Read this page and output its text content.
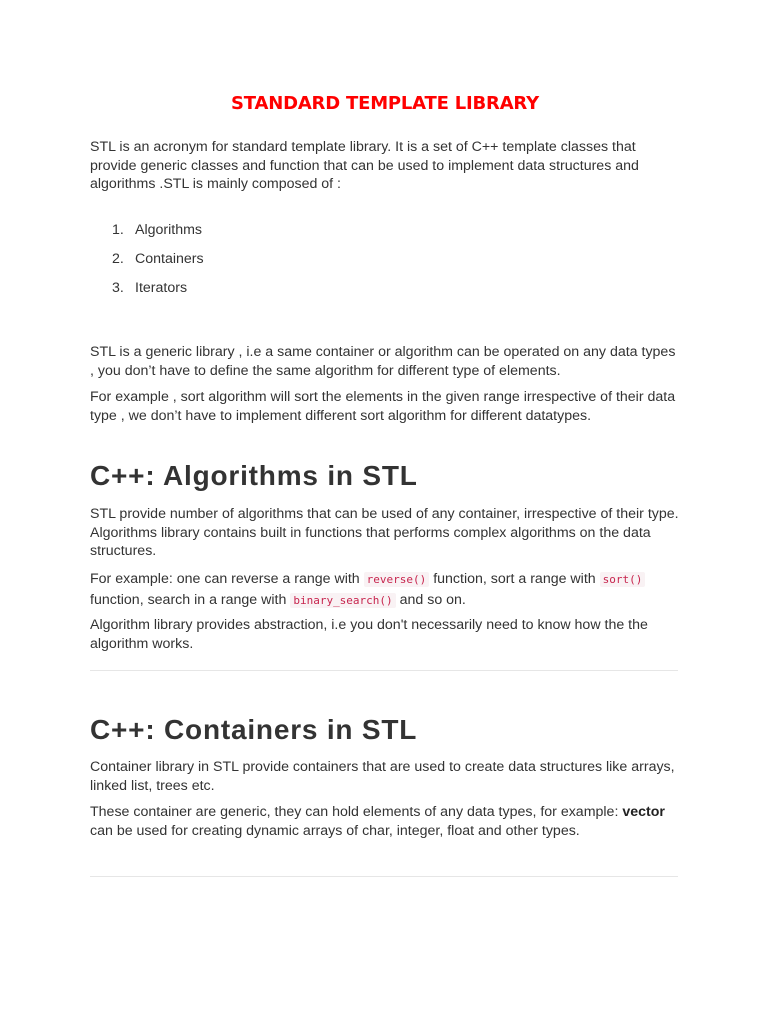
STANDARD TEMPLATE LIBRARY

STL is an acronym for standard template library. It is a set of C++ template classes that provide generic classes and function that can be used to implement data structures and algorithms .STL is mainly composed of :

1. Algorithms
2. Containers
3. Iterators

STL is a generic library , i.e a same container or algorithm can be operated on any data types , you don’t have to define the same algorithm for different type of elements.

For example , sort algorithm will sort the elements in the given range irrespective of their data type , we don’t have to implement different sort algorithm for different datatypes.

C++: Algorithms in STL

STL provide number of algorithms that can be used of any container, irrespective of their type. Algorithms library contains built in functions that performs complex algorithms on the data structures.

For example: one can reverse a range with reverse() function, sort a range with sort() function, search in a range with binary_search() and so on.

Algorithm library provides abstraction, i.e you don't necessarily need to know how the the algorithm works.

C++: Containers in STL

Container library in STL provide containers that are used to create data structures like arrays, linked list, trees etc.

These container are generic, they can hold elements of any data types, for example: vector can be used for creating dynamic arrays of char, integer, float and other types.
